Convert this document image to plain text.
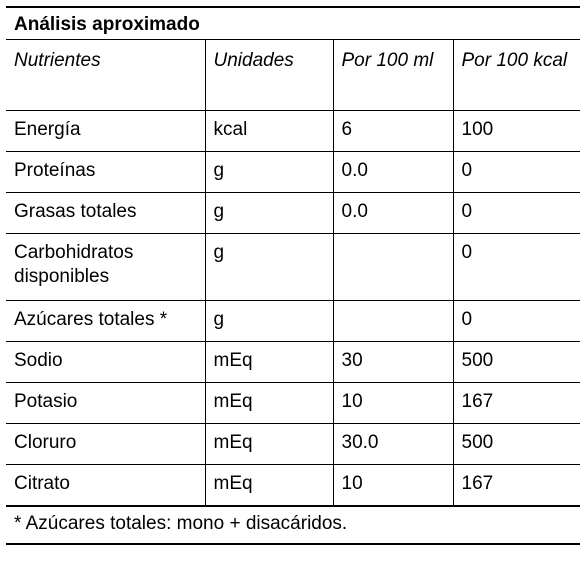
Análisis aproximado
Nutrientes	Unidades	Por 100 ml	Por 100 kcal
Energía	kcal	6	100
Proteínas	g	0.0	0
Grasas totales	g	0.0	0
Carbohidratos disponibles	g		0
Azúcares totales *	g		0
Sodio	mEq	30	500
Potasio	mEq	10	167
Cloruro	mEq	30.0	500
Citrato	mEq	10	167
* Azúcares totales: mono + disacáridos.
